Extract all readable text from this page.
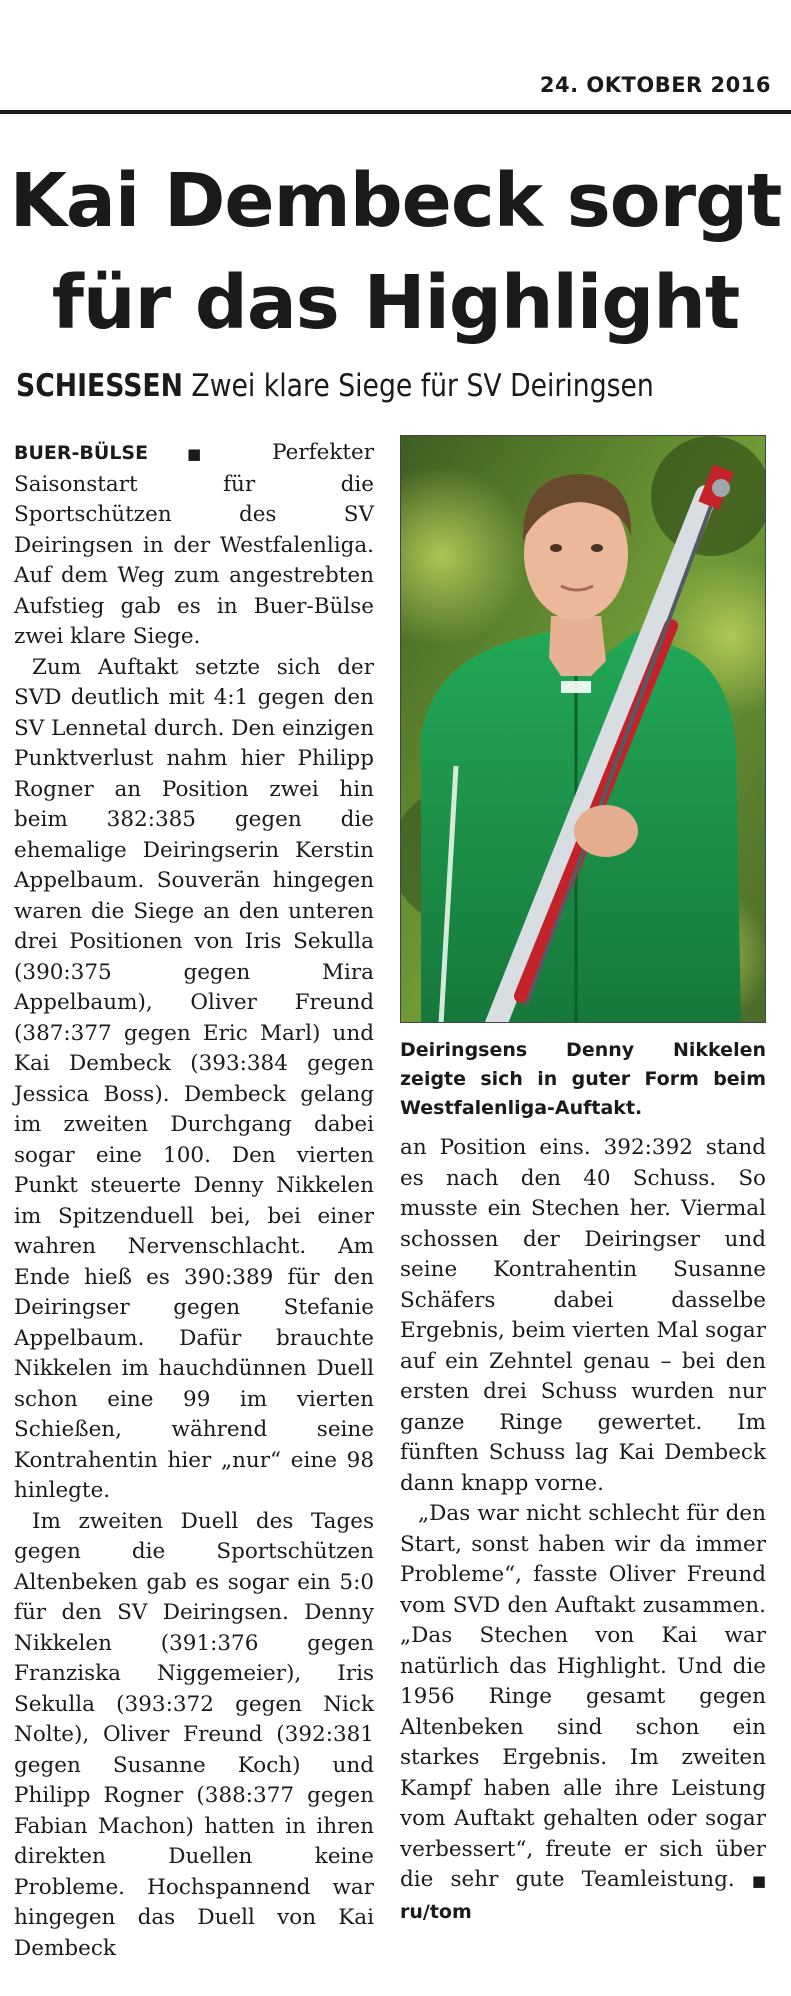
24. OKTOBER 2016
Kai Dembeck sorgt
für das Highlight
SCHIESSEN Zwei klare Siege für SV Deiringsen

BUER-BÜLSE	■ Perfekter Saisonstart für die Sportschützen des SV Deiringsen in der Westfalenliga. Auf dem Weg zum angestrebten Aufstieg gab es in Buer-Bülse zwei klare Siege.

Zum Auftakt setzte sich der SVD deutlich mit 4:1 gegen den SV Lennetal durch. Den einzigen Punktverlust nahm hier Philipp Rogner an Position zwei hin beim 382:385 gegen die ehemalige Deiringserin Kerstin Appelbaum. Souverän hingegen waren die Siege an den unteren drei Positionen von Iris Sekulla (390:375 gegen Mira Appelbaum), Oliver Freund (387:377 gegen Eric Marl) und Kai Dembeck (393:384 gegen Jessica Boss). Dembeck gelang im zweiten Durchgang dabei sogar eine 100. Den vierten Punkt steuerte Denny Nikkelen im Spitzenduell bei, bei einer wahren Nervenschlacht. Am Ende hieß es 390:389 für den Deiringser gegen Stefanie Appelbaum. Dafür brauchte Nikkelen im hauchdünnen Duell schon eine 99 im vierten Schießen, während seine Kontrahentin hier „nur“ eine 98 hinlegte.

Im zweiten Duell des Tages gegen die Sportschützen Altenbeken gab es sogar ein 5:0 für den SV Deiringsen. Denny Nikkelen (391:376 gegen Franziska Niggemeier), Iris Sekulla (393:372 gegen Nick Nolte), Oliver Freund (392:381 gegen Susanne Koch) und Philipp Rogner (388:377 gegen Fabian Machon) hatten in ihren direkten Duellen keine Probleme. Hochspannend war hingegen das Duell von Kai Dembeck

Deiringsens Denny Nikkelen zeigte sich in guter Form beim Westfalenliga-Auftakt.

an Position eins. 392:392 stand es nach den 40 Schuss. So musste ein Stechen her. Viermal schossen der Deiringser und seine Kontrahentin Susanne Schäfers dabei dasselbe Ergebnis, beim vierten Mal sogar auf ein Zehntel genau – bei den ersten drei Schuss wurden nur ganze Ringe gewertet. Im fünften Schuss lag Kai Dembeck dann knapp vorne.

„Das war nicht schlecht für den Start, sonst haben wir da immer Probleme“, fasste Oliver Freund vom SVD den Auftakt zusammen. „Das Stechen von Kai war natürlich das Highlight. Und die 1956 Ringe gesamt gegen Altenbeken sind schon ein starkes Ergebnis. Im zweiten Kampf haben alle ihre Leistung vom Auftakt gehalten oder sogar verbessert“, freute er sich über die sehr gute Teamleistung. ■ ru/tom
